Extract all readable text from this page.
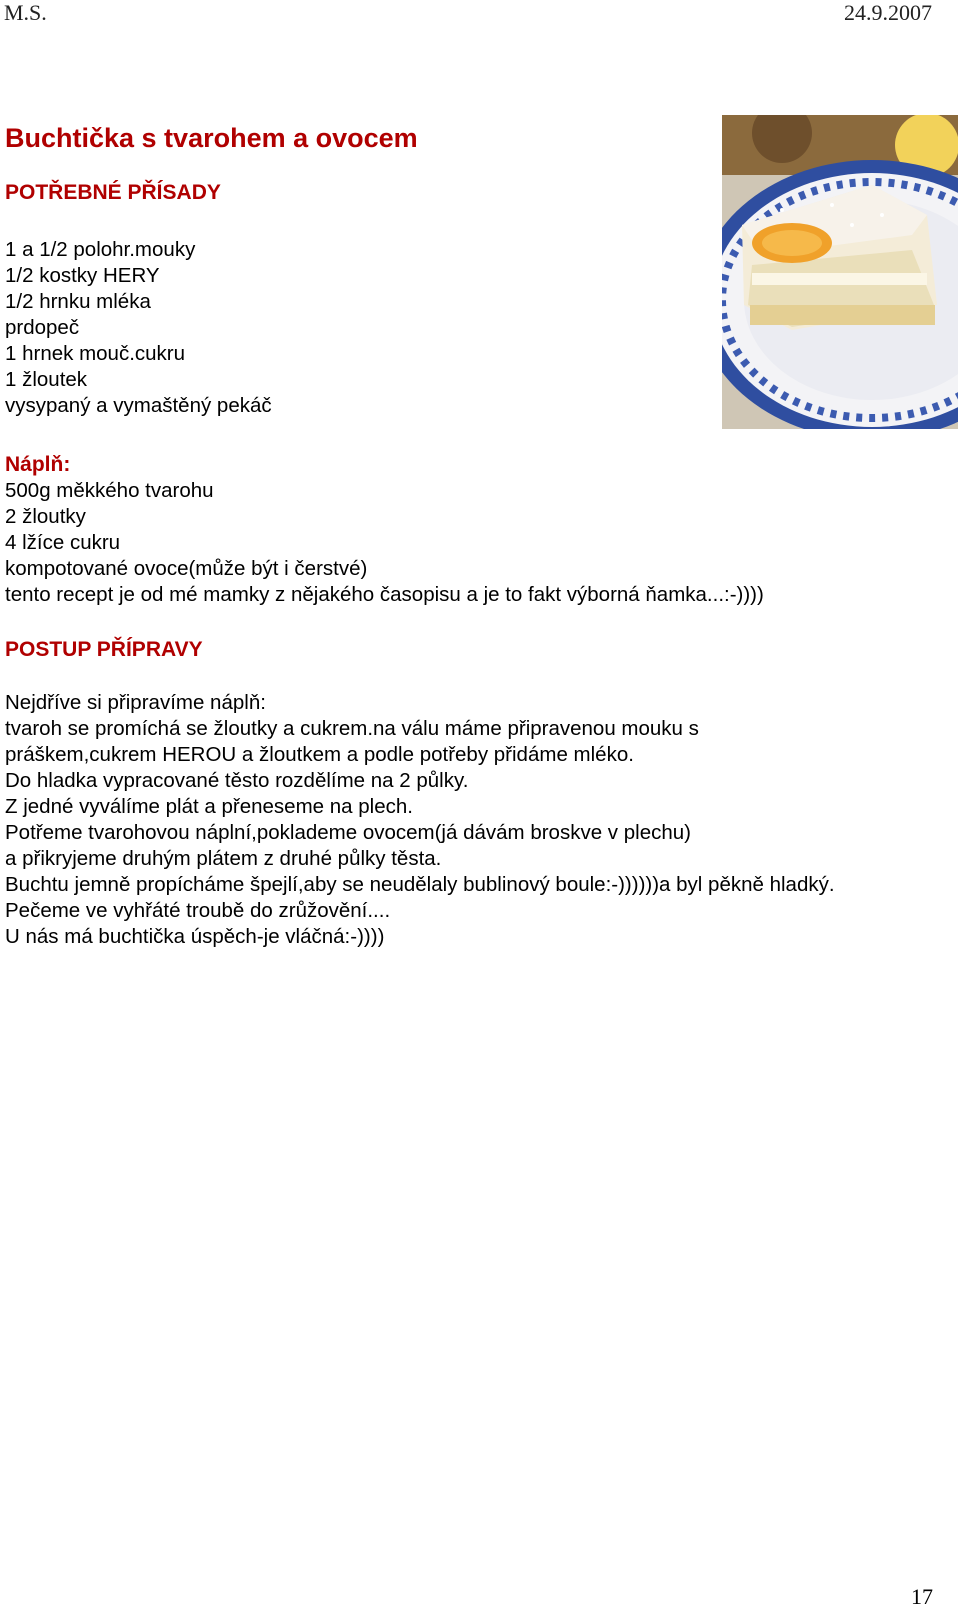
M.S.	24.9.2007
Buchtička s tvarohem a ovocem
POTŘEBNÉ PŘÍSADY
1 a 1/2 polohr.mouky
1/2 kostky HERY
1/2 hrnku mléka
prdopeč
1 hrnek mouč.cukru
1 žloutek
vysypaný a vymaštěný pekáč
Náplň:
500g měkkého tvarohu
2 žloutky
4 lžíce cukru
kompotované ovoce(může být i čerstvé)
tento recept je od mé mamky z nějakého časopisu a je to fakt výborná ňamka...:-))))
POSTUP PŘÍPRAVY
Nejdříve si připravíme náplň:
tvaroh se promíchá se žloutky a cukrem.na válu máme připravenou mouku s
práškem,cukrem HEROU a žloutkem a podle potřeby přidáme mléko.
Do hladka vypracované těsto rozdělíme na 2 půlky.
Z jedné vyválíme plát a přeneseme na plech.
Potřeme tvarohovou náplní,poklademe ovocem(já dávám broskve v plechu)
a přikryjeme druhým plátem z druhé půlky těsta.
Buchtu jemně propícháme špejlí,aby se neudělaly bublinový boule:-))))))a byl pěkně hladký.
Pečeme ve vyhřáté troubě do zrůžovění....
U nás má buchtička úspěch-je vláčná:-))))
17
